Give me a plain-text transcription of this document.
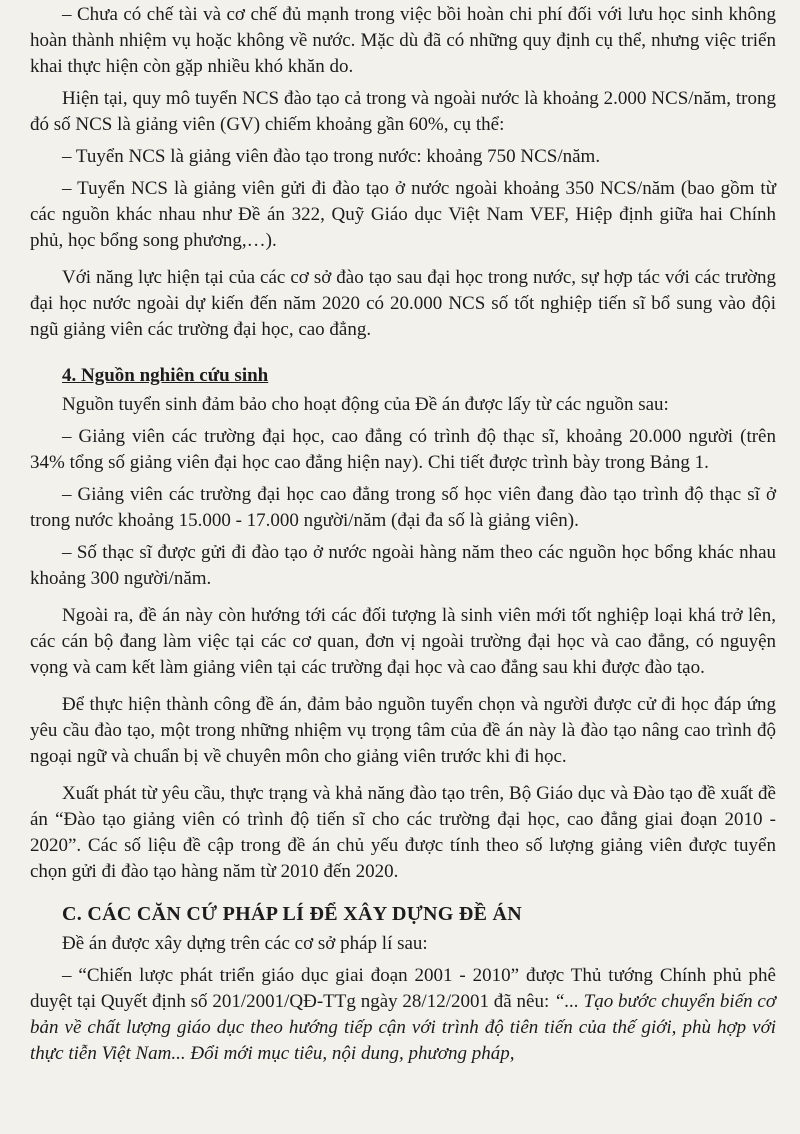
– Chưa có chế tài và cơ chế đủ mạnh trong việc bồi hoàn chi phí đối với lưu học sinh không hoàn thành nhiệm vụ hoặc không về nước. Mặc dù đã có những quy định cụ thể, nhưng việc triển khai thực hiện còn gặp nhiều khó khăn do.

Hiện tại, quy mô tuyển NCS đào tạo cả trong và ngoài nước là khoảng 2.000 NCS/năm, trong đó số NCS là giảng viên (GV) chiếm khoảng gần 60%, cụ thể:

– Tuyển NCS là giảng viên đào tạo trong nước: khoảng 750 NCS/năm.

– Tuyển NCS là giảng viên gửi đi đào tạo ở nước ngoài khoảng 350 NCS/năm (bao gồm từ các nguồn khác nhau như Đề án 322, Quỹ Giáo dục Việt Nam VEF, Hiệp định giữa hai Chính phủ, học bổng song phương,…).

Với năng lực hiện tại của các cơ sở đào tạo sau đại học trong nước, sự hợp tác với các trường đại học nước ngoài dự kiến đến năm 2020 có 20.000 NCS số tốt nghiệp tiến sĩ bổ sung vào đội ngũ giảng viên các trường đại học, cao đẳng.

4. Nguồn nghiên cứu sinh

Nguồn tuyển sinh đảm bảo cho hoạt động của Đề án được lấy từ các nguồn sau:

– Giảng viên các trường đại học, cao đẳng có trình độ thạc sĩ, khoảng 20.000 người (trên 34% tổng số giảng viên đại học cao đẳng hiện nay). Chi tiết được trình bày trong Bảng 1.

– Giảng viên các trường đại học cao đẳng trong số học viên đang đào tạo trình độ thạc sĩ ở trong nước khoảng 15.000 - 17.000 người/năm (đại đa số là giảng viên).

– Số thạc sĩ được gửi đi đào tạo ở nước ngoài hàng năm theo các nguồn học bổng khác nhau khoảng 300 người/năm.

Ngoài ra, đề án này còn hướng tới các đối tượng là sinh viên mới tốt nghiệp loại khá trở lên, các cán bộ đang làm việc tại các cơ quan, đơn vị ngoài trường đại học và cao đẳng, có nguyện vọng và cam kết làm giảng viên tại các trường đại học và cao đẳng sau khi được đào tạo.

Để thực hiện thành công đề án, đảm bảo nguồn tuyển chọn và người được cử đi học đáp ứng yêu cầu đào tạo, một trong những nhiệm vụ trọng tâm của đề án này là đào tạo nâng cao trình độ ngoại ngữ và chuẩn bị về chuyên môn cho giảng viên trước khi đi học.

Xuất phát từ yêu cầu, thực trạng và khả năng đào tạo trên, Bộ Giáo dục và Đào tạo đề xuất đề án “Đào tạo giảng viên có trình độ tiến sĩ cho các trường đại học, cao đẳng giai đoạn 2010 - 2020”. Các số liệu đề cập trong đề án chủ yếu được tính theo số lượng giảng viên được tuyển chọn gửi đi đào tạo hàng năm từ 2010 đến 2020.

C. CÁC CĂN CỨ PHÁP LÍ ĐỂ XÂY DỰNG ĐỀ ÁN

Đề án được xây dựng trên các cơ sở pháp lí sau:

– “Chiến lược phát triển giáo dục giai đoạn 2001 - 2010” được Thủ tướng Chính phủ phê duyệt tại Quyết định số 201/2001/QĐ-TTg ngày 28/12/2001 đã nêu: “... Tạo bước chuyển biến cơ bản về chất lượng giáo dục theo hướng tiếp cận với trình độ tiên tiến của thế giới, phù hợp với thực tiễn Việt Nam... Đổi mới mục tiêu, nội dung, phương pháp,
